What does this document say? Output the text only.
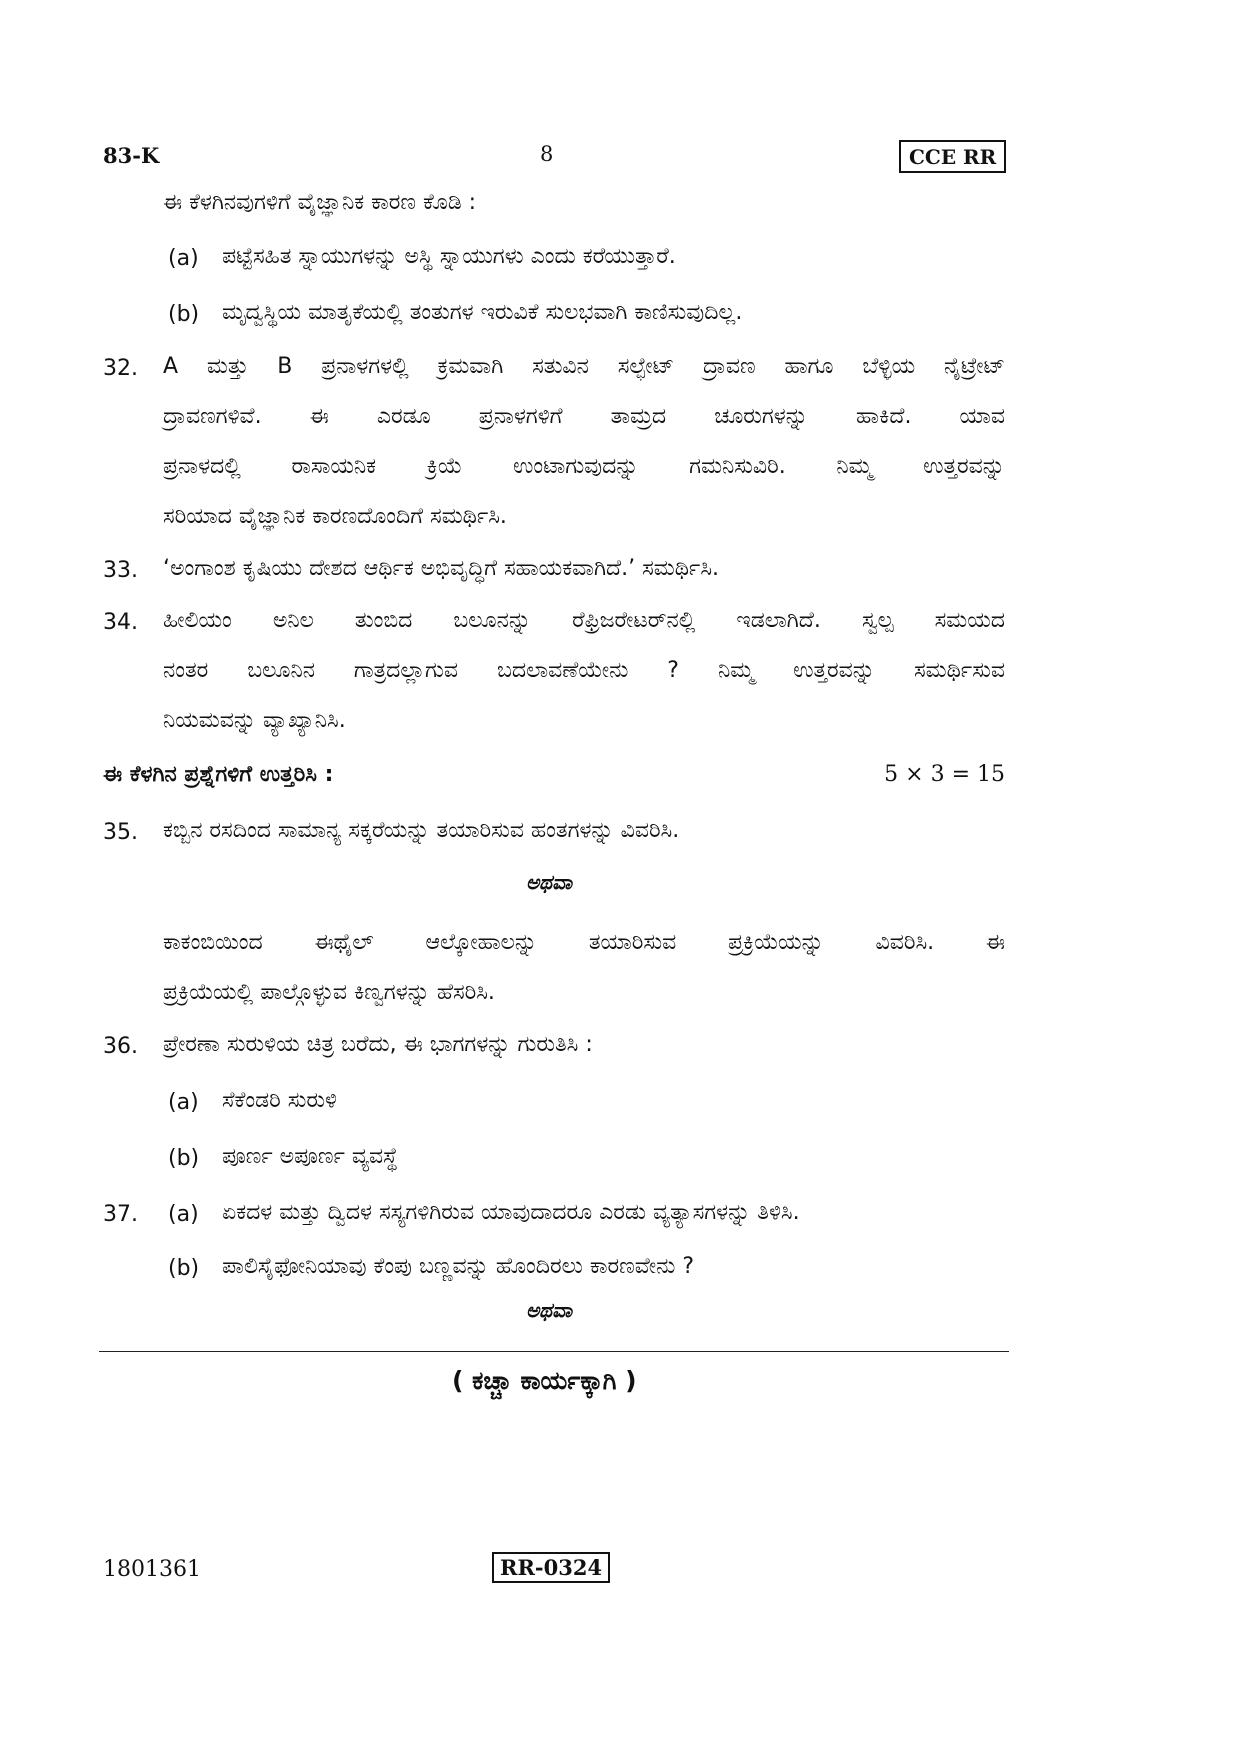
83-K	8	CCE RR
ಈ ಕೆಳಗಿನವುಗಳಿಗೆ ವೈಜ್ಞಾನಿಕ ಕಾರಣ ಕೊಡಿ :
(a) ಪಟ್ಟೆಸಹಿತ ಸ್ನಾಯುಗಳನ್ನು ಅಸ್ಥಿ ಸ್ನಾಯುಗಳು ಎಂದು ಕರೆಯುತ್ತಾರೆ.
(b) ಮೃದ್ವಸ್ಥಿಯ ಮಾತೃಕೆಯಲ್ಲಿ ತಂತುಗಳ ಇರುವಿಕೆ ಸುಲಭವಾಗಿ ಕಾಣಿಸುವುದಿಲ್ಲ.
32. A ಮತ್ತು B ಪ್ರನಾಳಗಳಲ್ಲಿ ಕ್ರಮವಾಗಿ ಸತುವಿನ ಸಲ್ಫೇಟ್ ದ್ರಾವಣ ಹಾಗೂ ಬೆಳ್ಳಿಯ ನೈಟ್ರೇಟ್
ದ್ರಾವಣಗಳಿವೆ. ಈ ಎರಡೂ ಪ್ರನಾಳಗಳಿಗೆ ತಾಮ್ರದ ಚೂರುಗಳನ್ನು ಹಾಕಿದೆ. ಯಾವ
ಪ್ರನಾಳದಲ್ಲಿ ರಾಸಾಯನಿಕ ಕ್ರಿಯೆ ಉಂಟಾಗುವುದನ್ನು ಗಮನಿಸುವಿರಿ. ನಿಮ್ಮ ಉತ್ತರವನ್ನು
ಸರಿಯಾದ ವೈಜ್ಞಾನಿಕ ಕಾರಣದೊಂದಿಗೆ ಸಮರ್ಥಿಸಿ.
33. ‘ಅಂಗಾಂಶ ಕೃಷಿಯು ದೇಶದ ಆರ್ಥಿಕ ಅಭಿವೃದ್ಧಿಗೆ ಸಹಾಯಕವಾಗಿದೆ.’ ಸಮರ್ಥಿಸಿ.
34. ಹೀಲಿಯಂ ಅನಿಲ ತುಂಬಿದ ಬಲೂನನ್ನು ರೆಫ್ರಿಜರೇಟರ್‌ನಲ್ಲಿ ಇಡಲಾಗಿದೆ. ಸ್ವಲ್ಪ ಸಮಯದ
ನಂತರ ಬಲೂನಿನ ಗಾತ್ರದಲ್ಲಾಗುವ ಬದಲಾವಣೆಯೇನು ? ನಿಮ್ಮ ಉತ್ತರವನ್ನು ಸಮರ್ಥಿಸುವ
ನಿಯಮವನ್ನು ವ್ಯಾಖ್ಯಾನಿಸಿ.
ಈ ಕೆಳಗಿನ ಪ್ರಶ್ನೆಗಳಿಗೆ ಉತ್ತರಿಸಿ :	5 × 3 = 15
35. ಕಬ್ಬಿನ ರಸದಿಂದ ಸಾಮಾನ್ಯ ಸಕ್ಕರೆಯನ್ನು ತಯಾರಿಸುವ ಹಂತಗಳನ್ನು ವಿವರಿಸಿ.
ಅಥವಾ
ಕಾಕಂಬಿಯಿಂದ ಈಥೈಲ್ ಆಲ್ಕೋಹಾಲನ್ನು ತಯಾರಿಸುವ ಪ್ರಕ್ರಿಯೆಯನ್ನು ವಿವರಿಸಿ. ಈ
ಪ್ರಕ್ರಿಯೆಯಲ್ಲಿ ಪಾಲ್ಗೊಳ್ಳುವ ಕಿಣ್ವಗಳನ್ನು ಹೆಸರಿಸಿ.
36. ಪ್ರೇರಣಾ ಸುರುಳಿಯ ಚಿತ್ರ ಬರೆದು, ಈ ಭಾಗಗಳನ್ನು ಗುರುತಿಸಿ :
(a) ಸೆಕೆಂಡರಿ ಸುರುಳಿ
(b) ಪೂರ್ಣ ಅಪೂರ್ಣ ವ್ಯವಸ್ಥೆ
37. (a) ಏಕದಳ ಮತ್ತು ದ್ವಿದಳ ಸಸ್ಯಗಳಿಗಿರುವ ಯಾವುದಾದರೂ ಎರಡು ವ್ಯತ್ಯಾಸಗಳನ್ನು ತಿಳಿಸಿ.
(b) ಪಾಲಿಸೈಫೋನಿಯಾವು ಕೆಂಪು ಬಣ್ಣವನ್ನು ಹೊಂದಿರಲು ಕಾರಣವೇನು ?
ಅಥವಾ
( ಕಚ್ಚಾ ಕಾರ್ಯಕ್ಕಾಗಿ )
1801361	RR-0324
